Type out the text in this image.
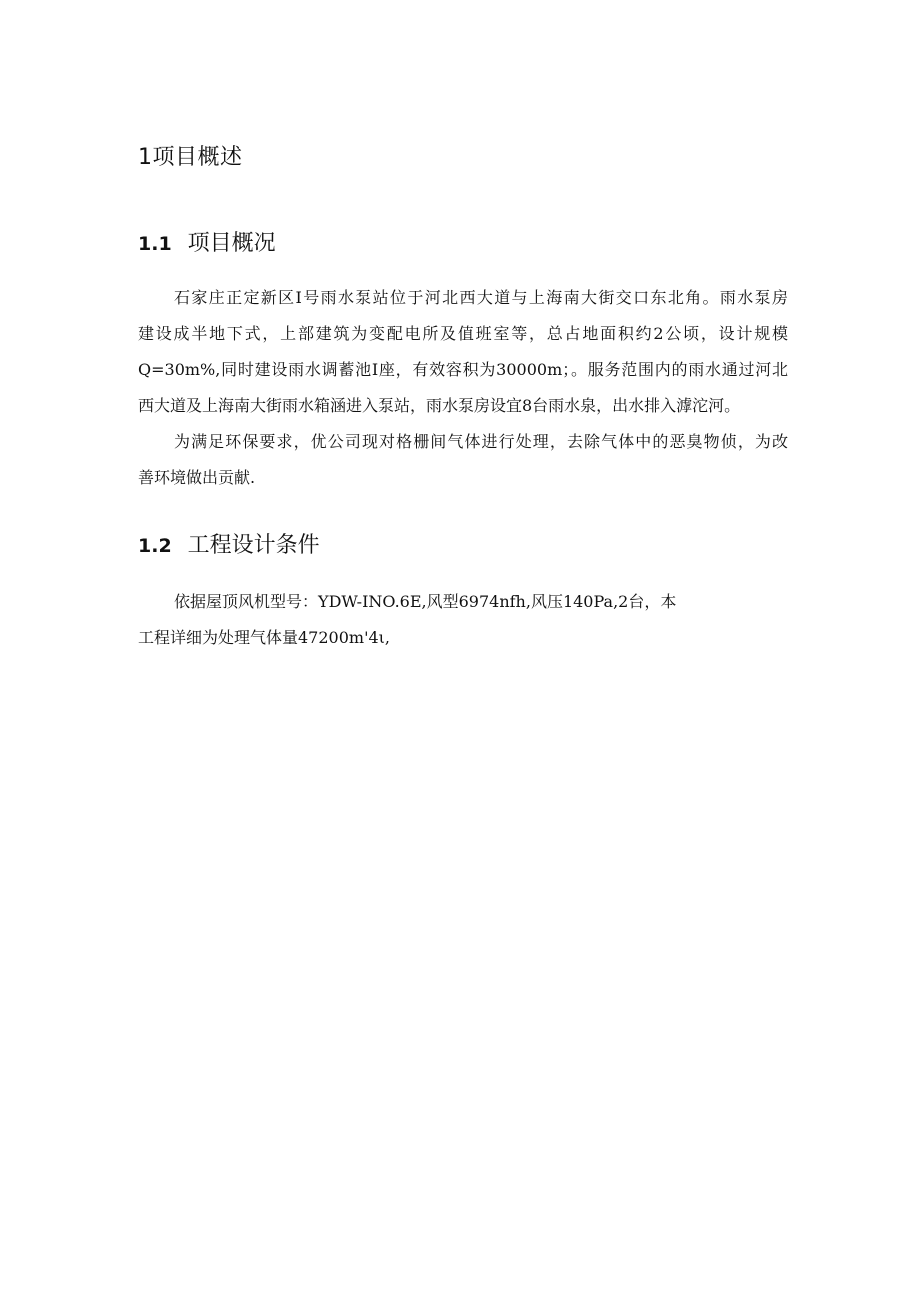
1项目概述
1.1 项目概况
石家庄正定新区I号雨水泵站位于河北西大道与上海南大街交口东北角。雨水泵房
建设成半地下式，上部建筑为变配电所及值班室等，总占地面积约2公顷，设计规模
Q=30m%,同时建设雨水调蓄池I座，有效容积为30000m；。服务范围内的雨水通过河北
西大道及上海南大街雨水箱涵进入泵站，雨水泵房设宜8台雨水泉，出水排入滹沱河。
为满足环保要求，优公司现对格栅间气体进行处理，去除气体中的恶臭物侦，为改
善环境做出贡献.
1.2 工程设计条件
依据屋顶风机型号：YDW-INO.6E,风型6974nfh,风压140Pa,2台，本
工程详细为处理气体量47200m'4ι,
